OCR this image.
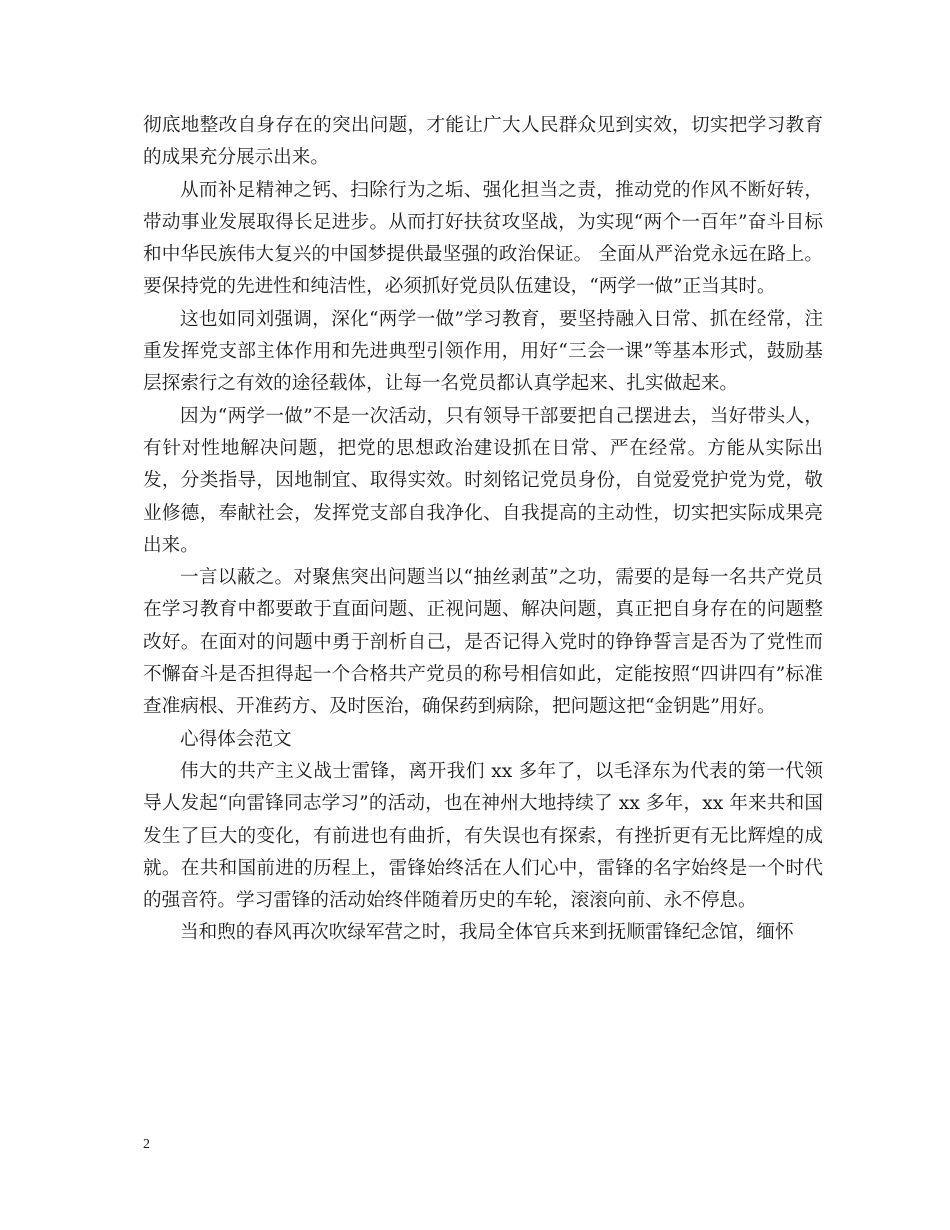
彻底地整改自身存在的突出问题，才能让广大人民群众见到实效，切实把学习教育的成果充分展示出来。

从而补足精神之钙、扫除行为之垢、强化担当之责，推动党的作风不断好转，带动事业发展取得长足进步。从而打好扶贫攻坚战，为实现“两个一百年”奋斗目标和中华民族伟大复兴的中国梦提供最坚强的政治保证。 全面从严治党永远在路上。要保持党的先进性和纯洁性，必须抓好党员队伍建设，“两学一做”正当其时。

这也如同刘强调，深化“两学一做”学习教育，要坚持融入日常、抓在经常，注重发挥党支部主体作用和先进典型引领作用，用好“三会一课”等基本形式，鼓励基层探索行之有效的途径载体，让每一名党员都认真学起来、扎实做起来。

因为“两学一做”不是一次活动，只有领导干部要把自己摆进去，当好带头人，有针对性地解决问题，把党的思想政治建设抓在日常、严在经常。方能从实际出发，分类指导，因地制宜、取得实效。时刻铭记党员身份，自觉爱党护党为党，敬业修德，奉献社会，发挥党支部自我净化、自我提高的主动性，切实把实际成果亮出来。

一言以蔽之。对聚焦突出问题当以“抽丝剥茧”之功，需要的是每一名共产党员在学习教育中都要敢于直面问题、正视问题、解决问题，真正把自身存在的问题整改好。在面对的问题中勇于剖析自己，是否记得入党时的铮铮誓言是否为了党性而不懈奋斗是否担得起一个合格共产党员的称号相信如此，定能按照“四讲四有”标准查准病根、开准药方、及时医治，确保药到病除，把问题这把“金钥匙”用好。

心得体会范文

伟大的共产主义战士雷锋，离开我们 xx 多年了，以毛泽东为代表的第一代领导人发起“向雷锋同志学习”的活动，也在神州大地持续了 xx 多年，xx 年来共和国发生了巨大的变化，有前进也有曲折，有失误也有探索，有挫折更有无比辉煌的成就。在共和国前进的历程上，雷锋始终活在人们心中，雷锋的名字始终是一个时代的强音符。学习雷锋的活动始终伴随着历史的车轮，滚滚向前、永不停息。

当和煦的春风再次吹绿军营之时，我局全体官兵来到抚顺雷锋纪念馆，缅怀

2
